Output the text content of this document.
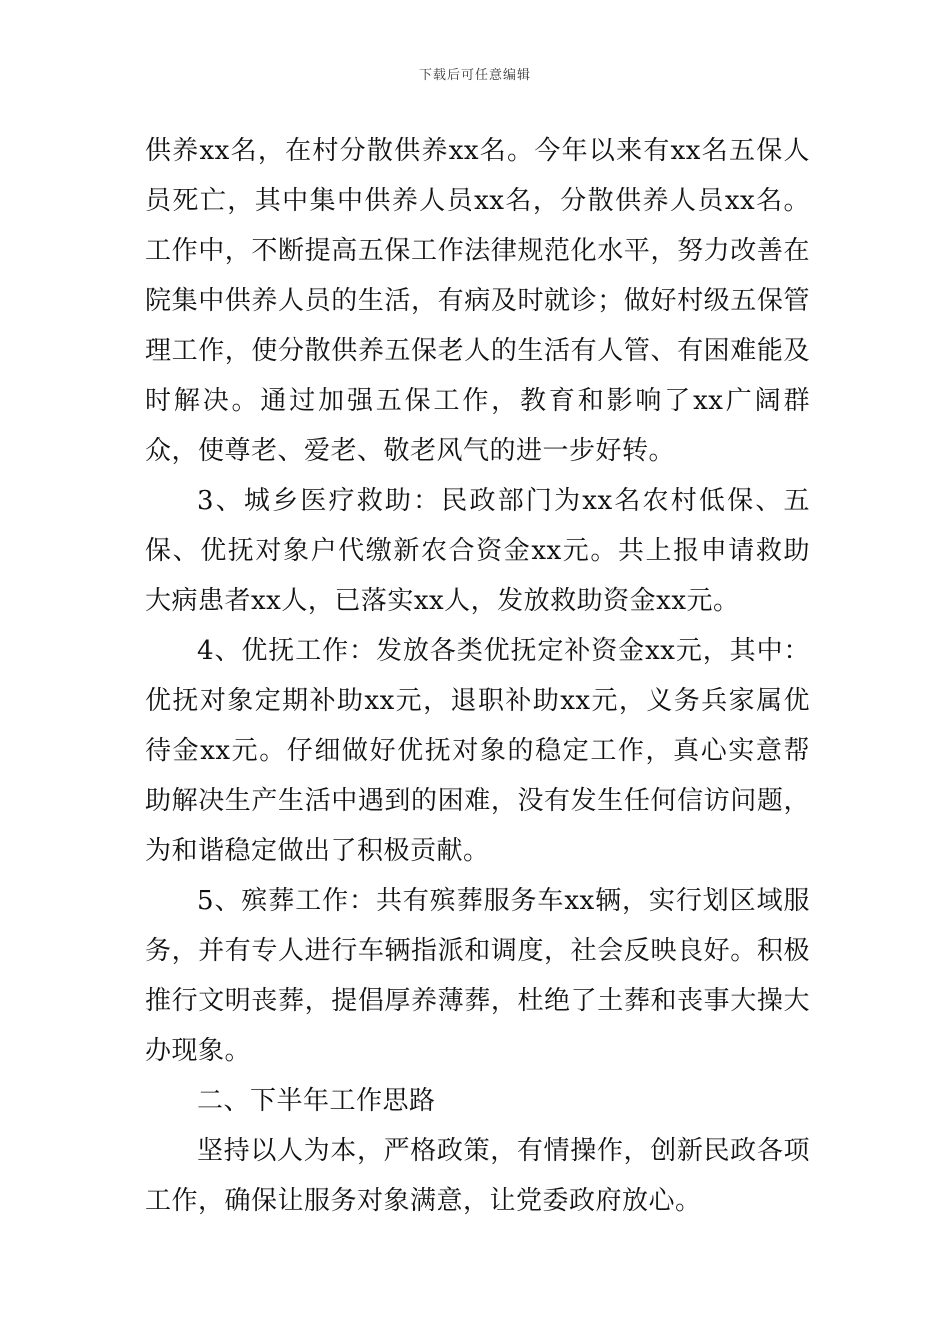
下载后可任意编辑

供养xx名，在村分散供养xx名。今年以来有xx名五保人员死亡，其中集中供养人员xx名，分散供养人员xx名。工作中，不断提高五保工作法律规范化水平，努力改善在院集中供养人员的生活，有病及时就诊；做好村级五保管理工作，使分散供养五保老人的生活有人管、有困难能及时解决。通过加强五保工作，教育和影响了xx广阔群众，使尊老、爱老、敬老风气的进一步好转。

3、城乡医疗救助：民政部门为xx名农村低保、五保、优抚对象户代缴新农合资金xx元。共上报申请救助大病患者xx人，已落实xx人，发放救助资金xx元。

4、优抚工作：发放各类优抚定补资金xx元，其中：优抚对象定期补助xx元，退职补助xx元，义务兵家属优待金xx元。仔细做好优抚对象的稳定工作，真心实意帮助解决生产生活中遇到的困难，没有发生任何信访问题，为和谐稳定做出了积极贡献。

5、殡葬工作：共有殡葬服务车xx辆，实行划区域服务，并有专人进行车辆指派和调度，社会反映良好。积极推行文明丧葬，提倡厚养薄葬，杜绝了土葬和丧事大操大办现象。

二、下半年工作思路

坚持以人为本，严格政策，有情操作，创新民政各项工作，确保让服务对象满意，让党委政府放心。
